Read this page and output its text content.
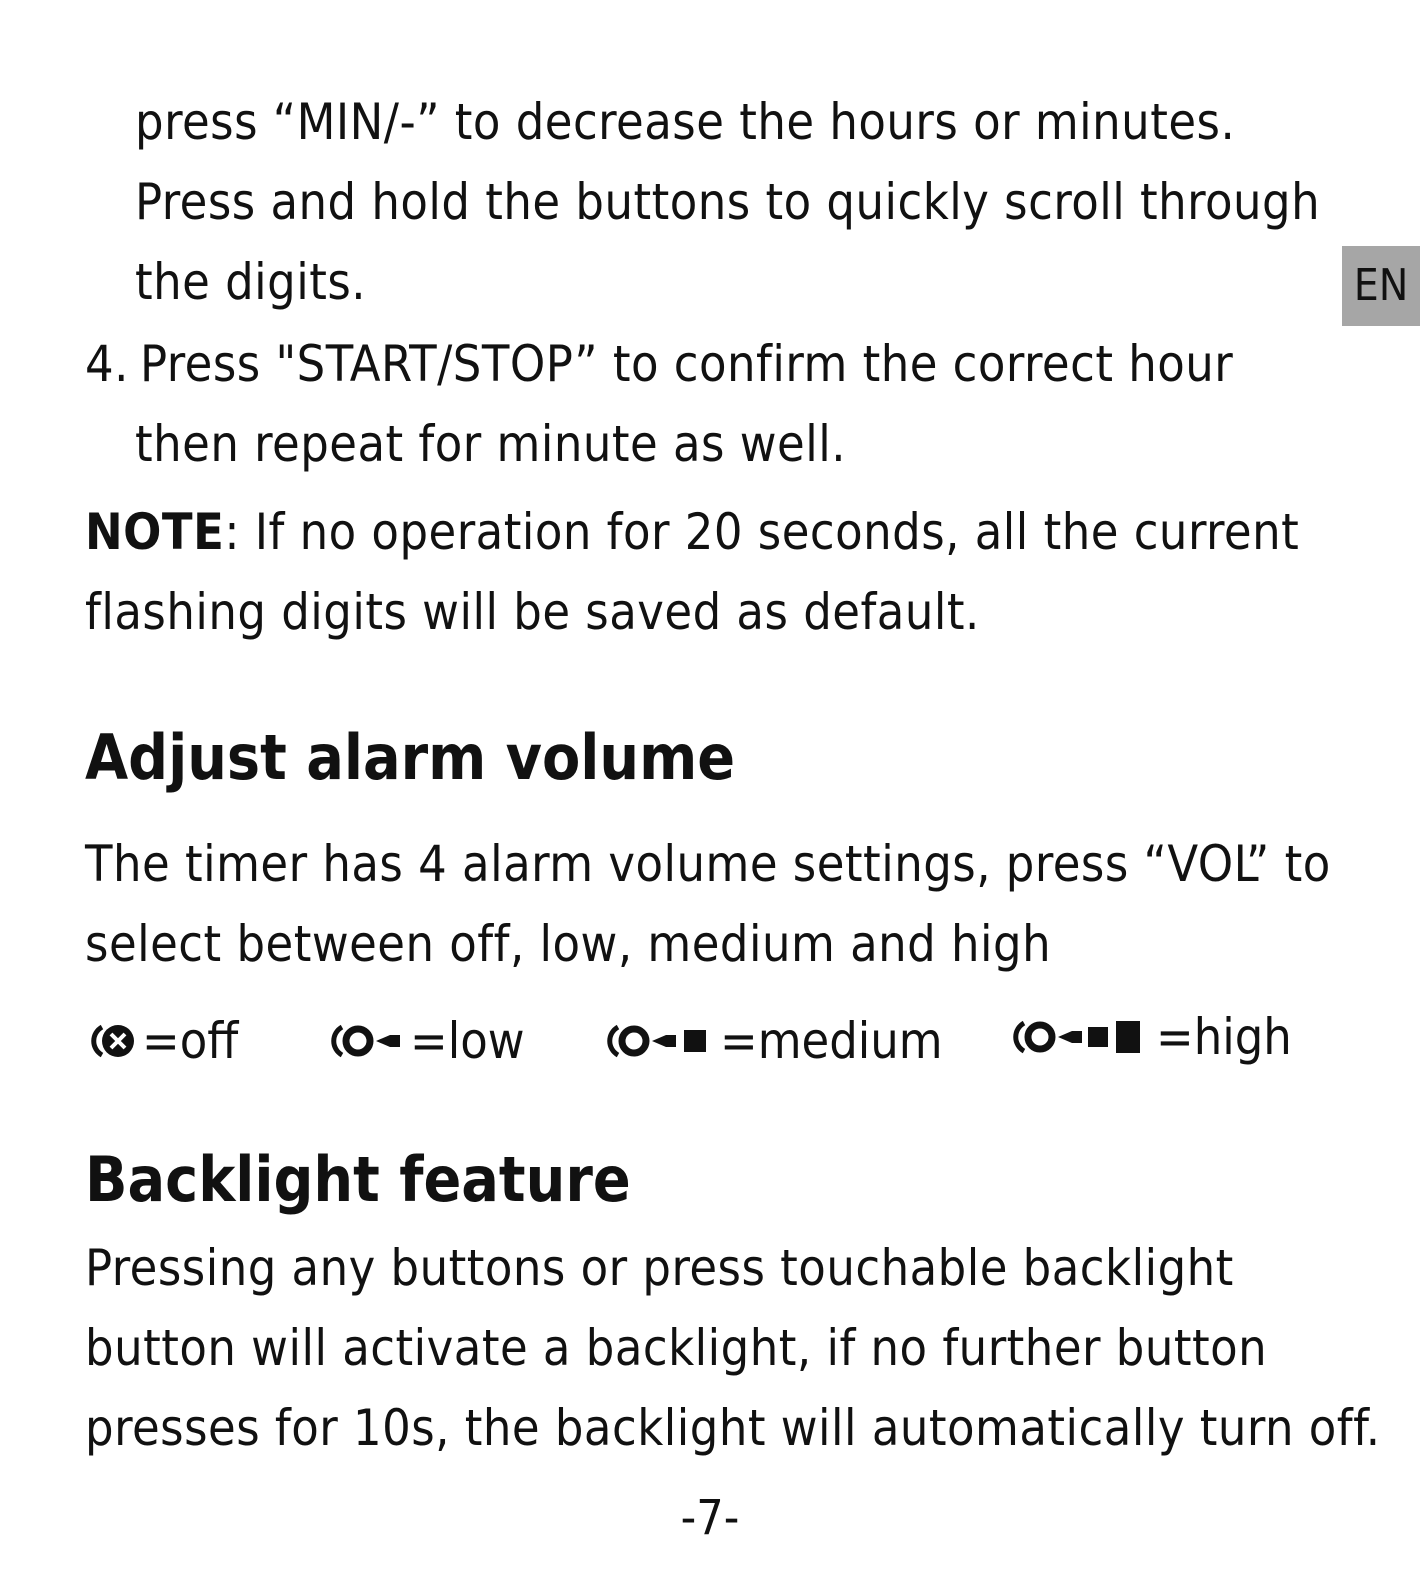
EN

press “MIN/-” to decrease the hours or minutes.

Press and hold the buttons to quickly scroll through

the digits.

4. Press "START/STOP” to confirm the correct hour

then repeat for minute as well.

NOTE: If no operation for 20 seconds, all the current

flashing digits will be saved as default.

Adjust alarm volume

The timer has 4 alarm volume settings, press “VOL” to

select between off, low, medium and high

=off	=low	=medium	=high
Backlight feature

Pressing any buttons or press touchable backlight

button will activate a backlight, if no further button

presses for 10s, the backlight will automatically turn off.

-7-
